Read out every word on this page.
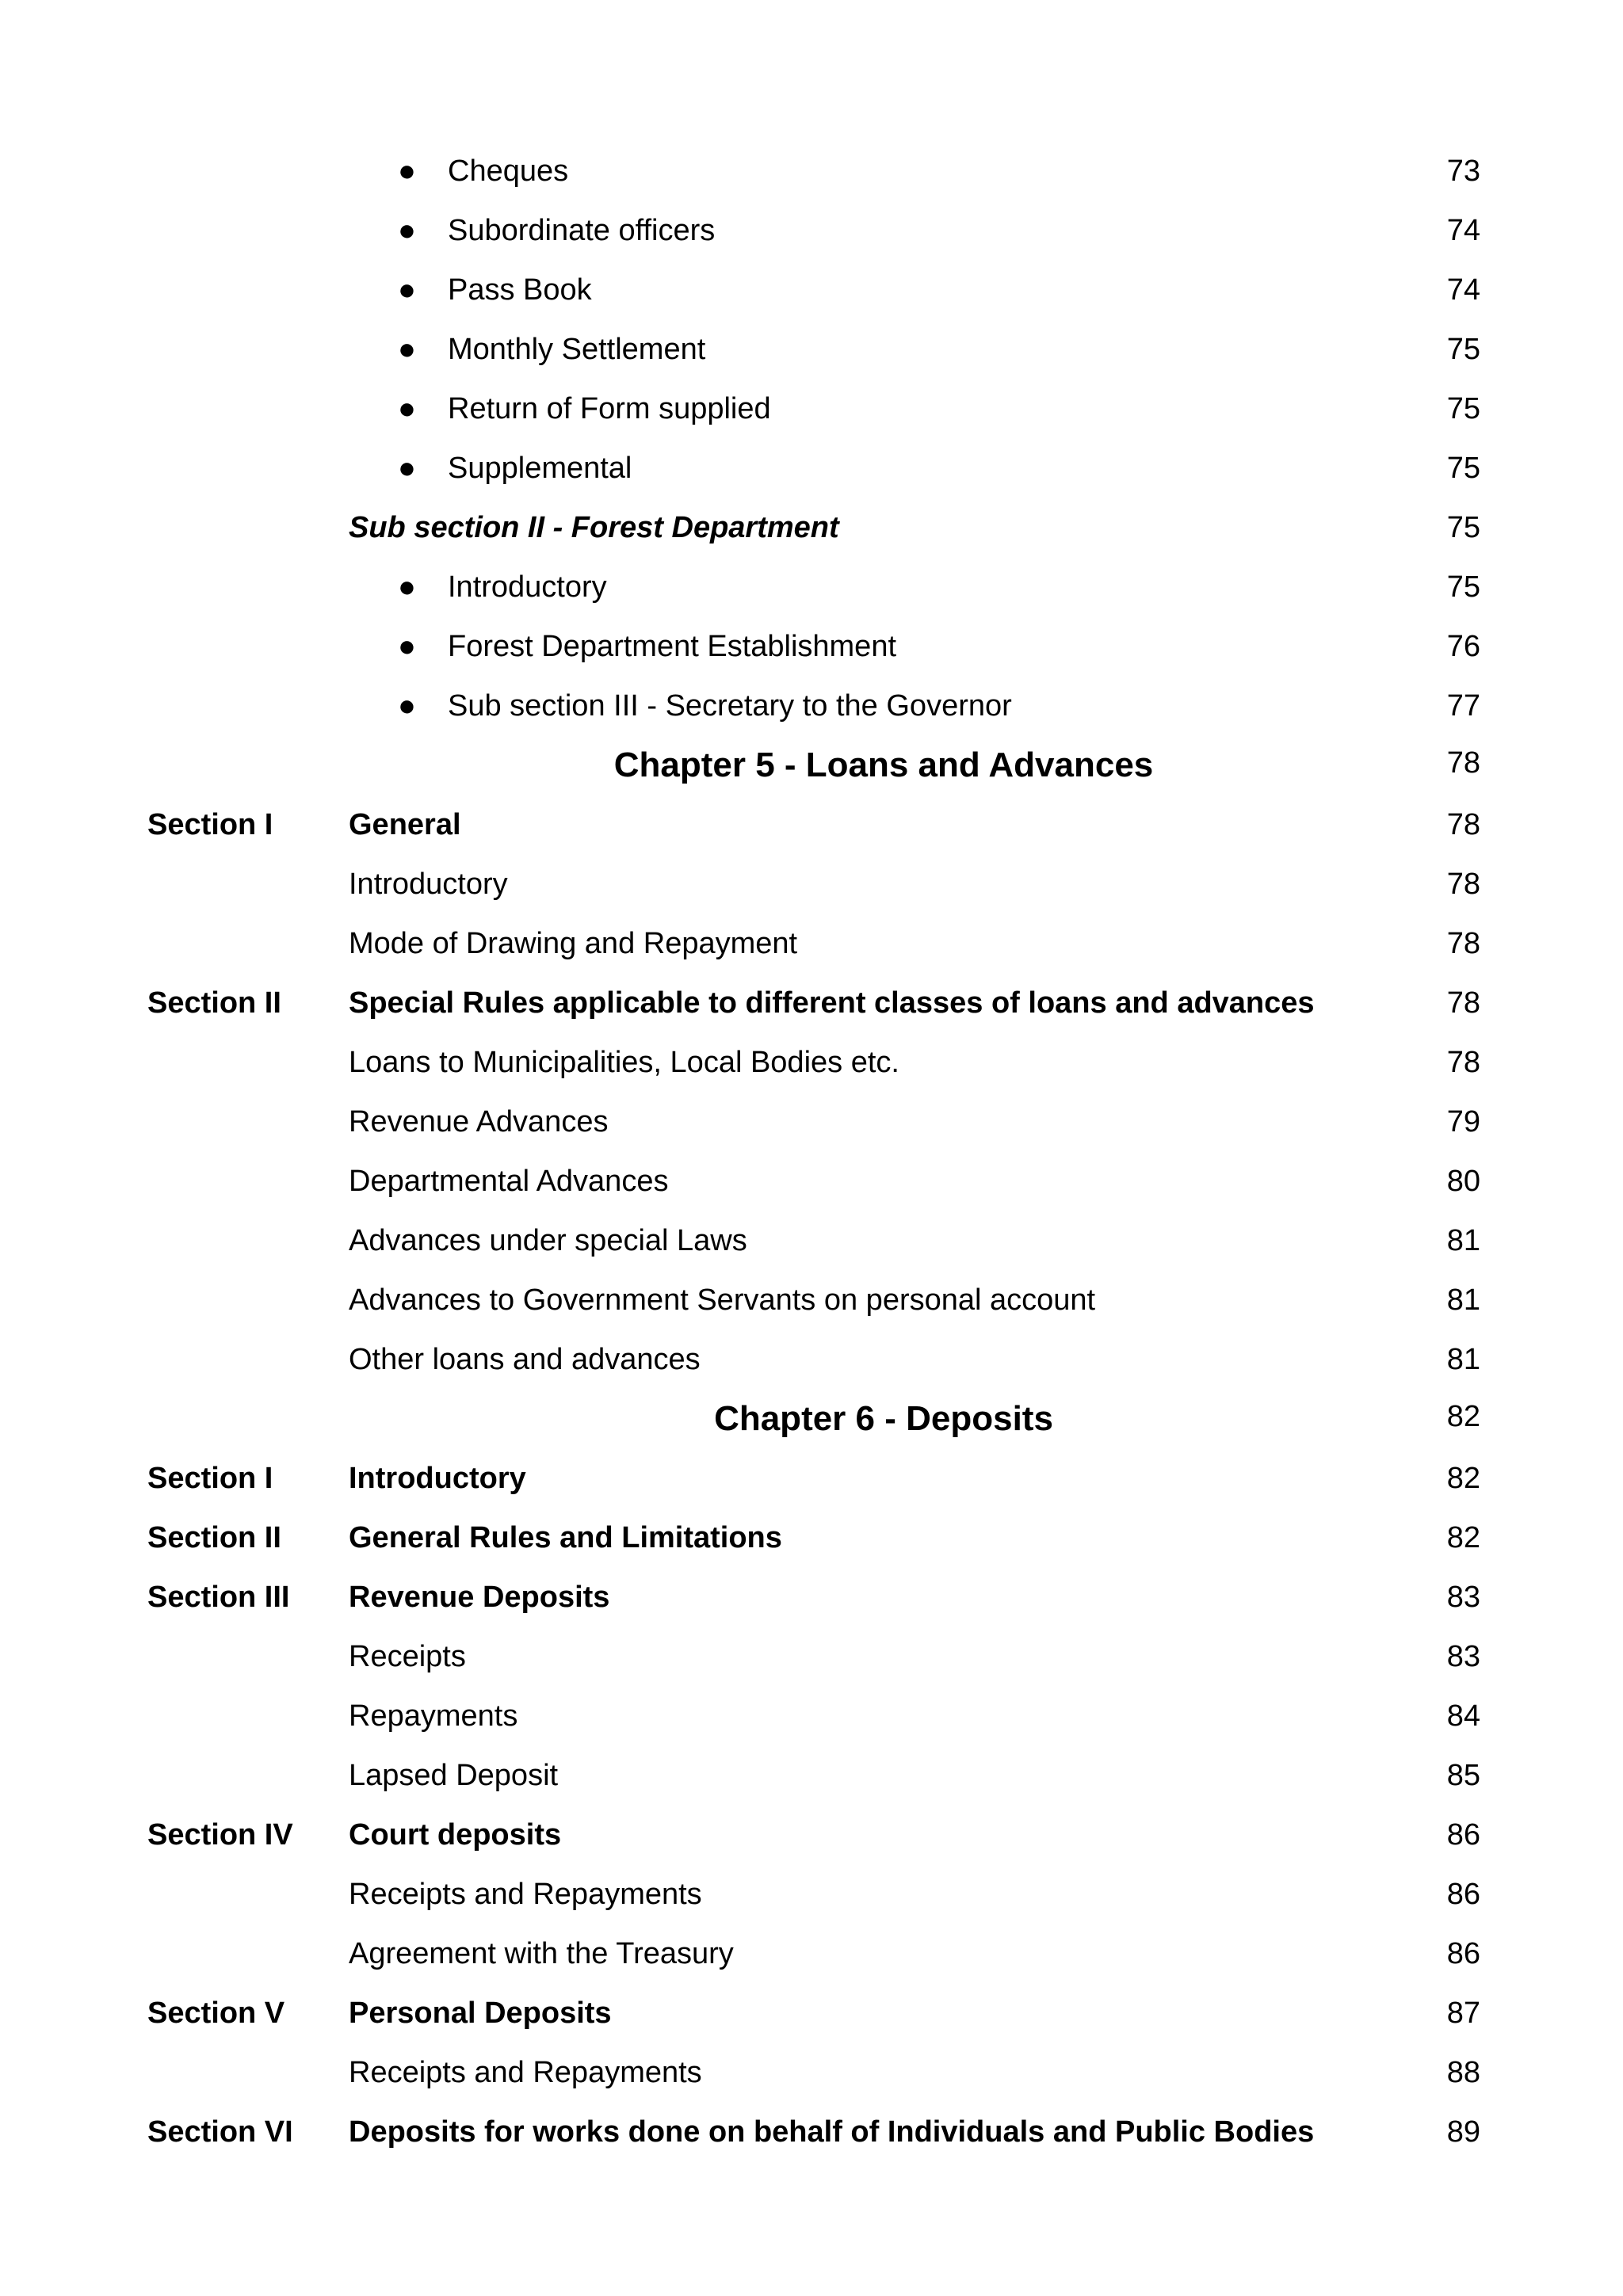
● Cheques	73
● Subordinate officers	74
● Pass Book	74
● Monthly Settlement	75
● Return of Form supplied	75
● Supplemental	75
Sub section II - Forest Department	75
● Introductory	75
● Forest Department Establishment	76
● Sub section III - Secretary to the Governor	77
Chapter 5 - Loans and Advances	78
Section I	General	78
Introductory	78
Mode of Drawing and Repayment	78
Section II Special Rules applicable to different classes of loans and advances	78
Loans to Municipalities, Local Bodies etc.	78
Revenue Advances	79
Departmental Advances	80
Advances under special Laws	81
Advances to Government Servants on personal account	81
Other loans and advances	81
Chapter 6 - Deposits	82
Section I	Introductory	82
Section II General Rules and Limitations	82
Section III Revenue Deposits	83
Receipts	83
Repayments	84
Lapsed Deposit	85
Section IV Court deposits	86
Receipts and Repayments	86
Agreement with the Treasury	86
Section V Personal Deposits	87
Receipts and Repayments	88
Section VI Deposits for works done on behalf of Individuals and Public Bodies	89
